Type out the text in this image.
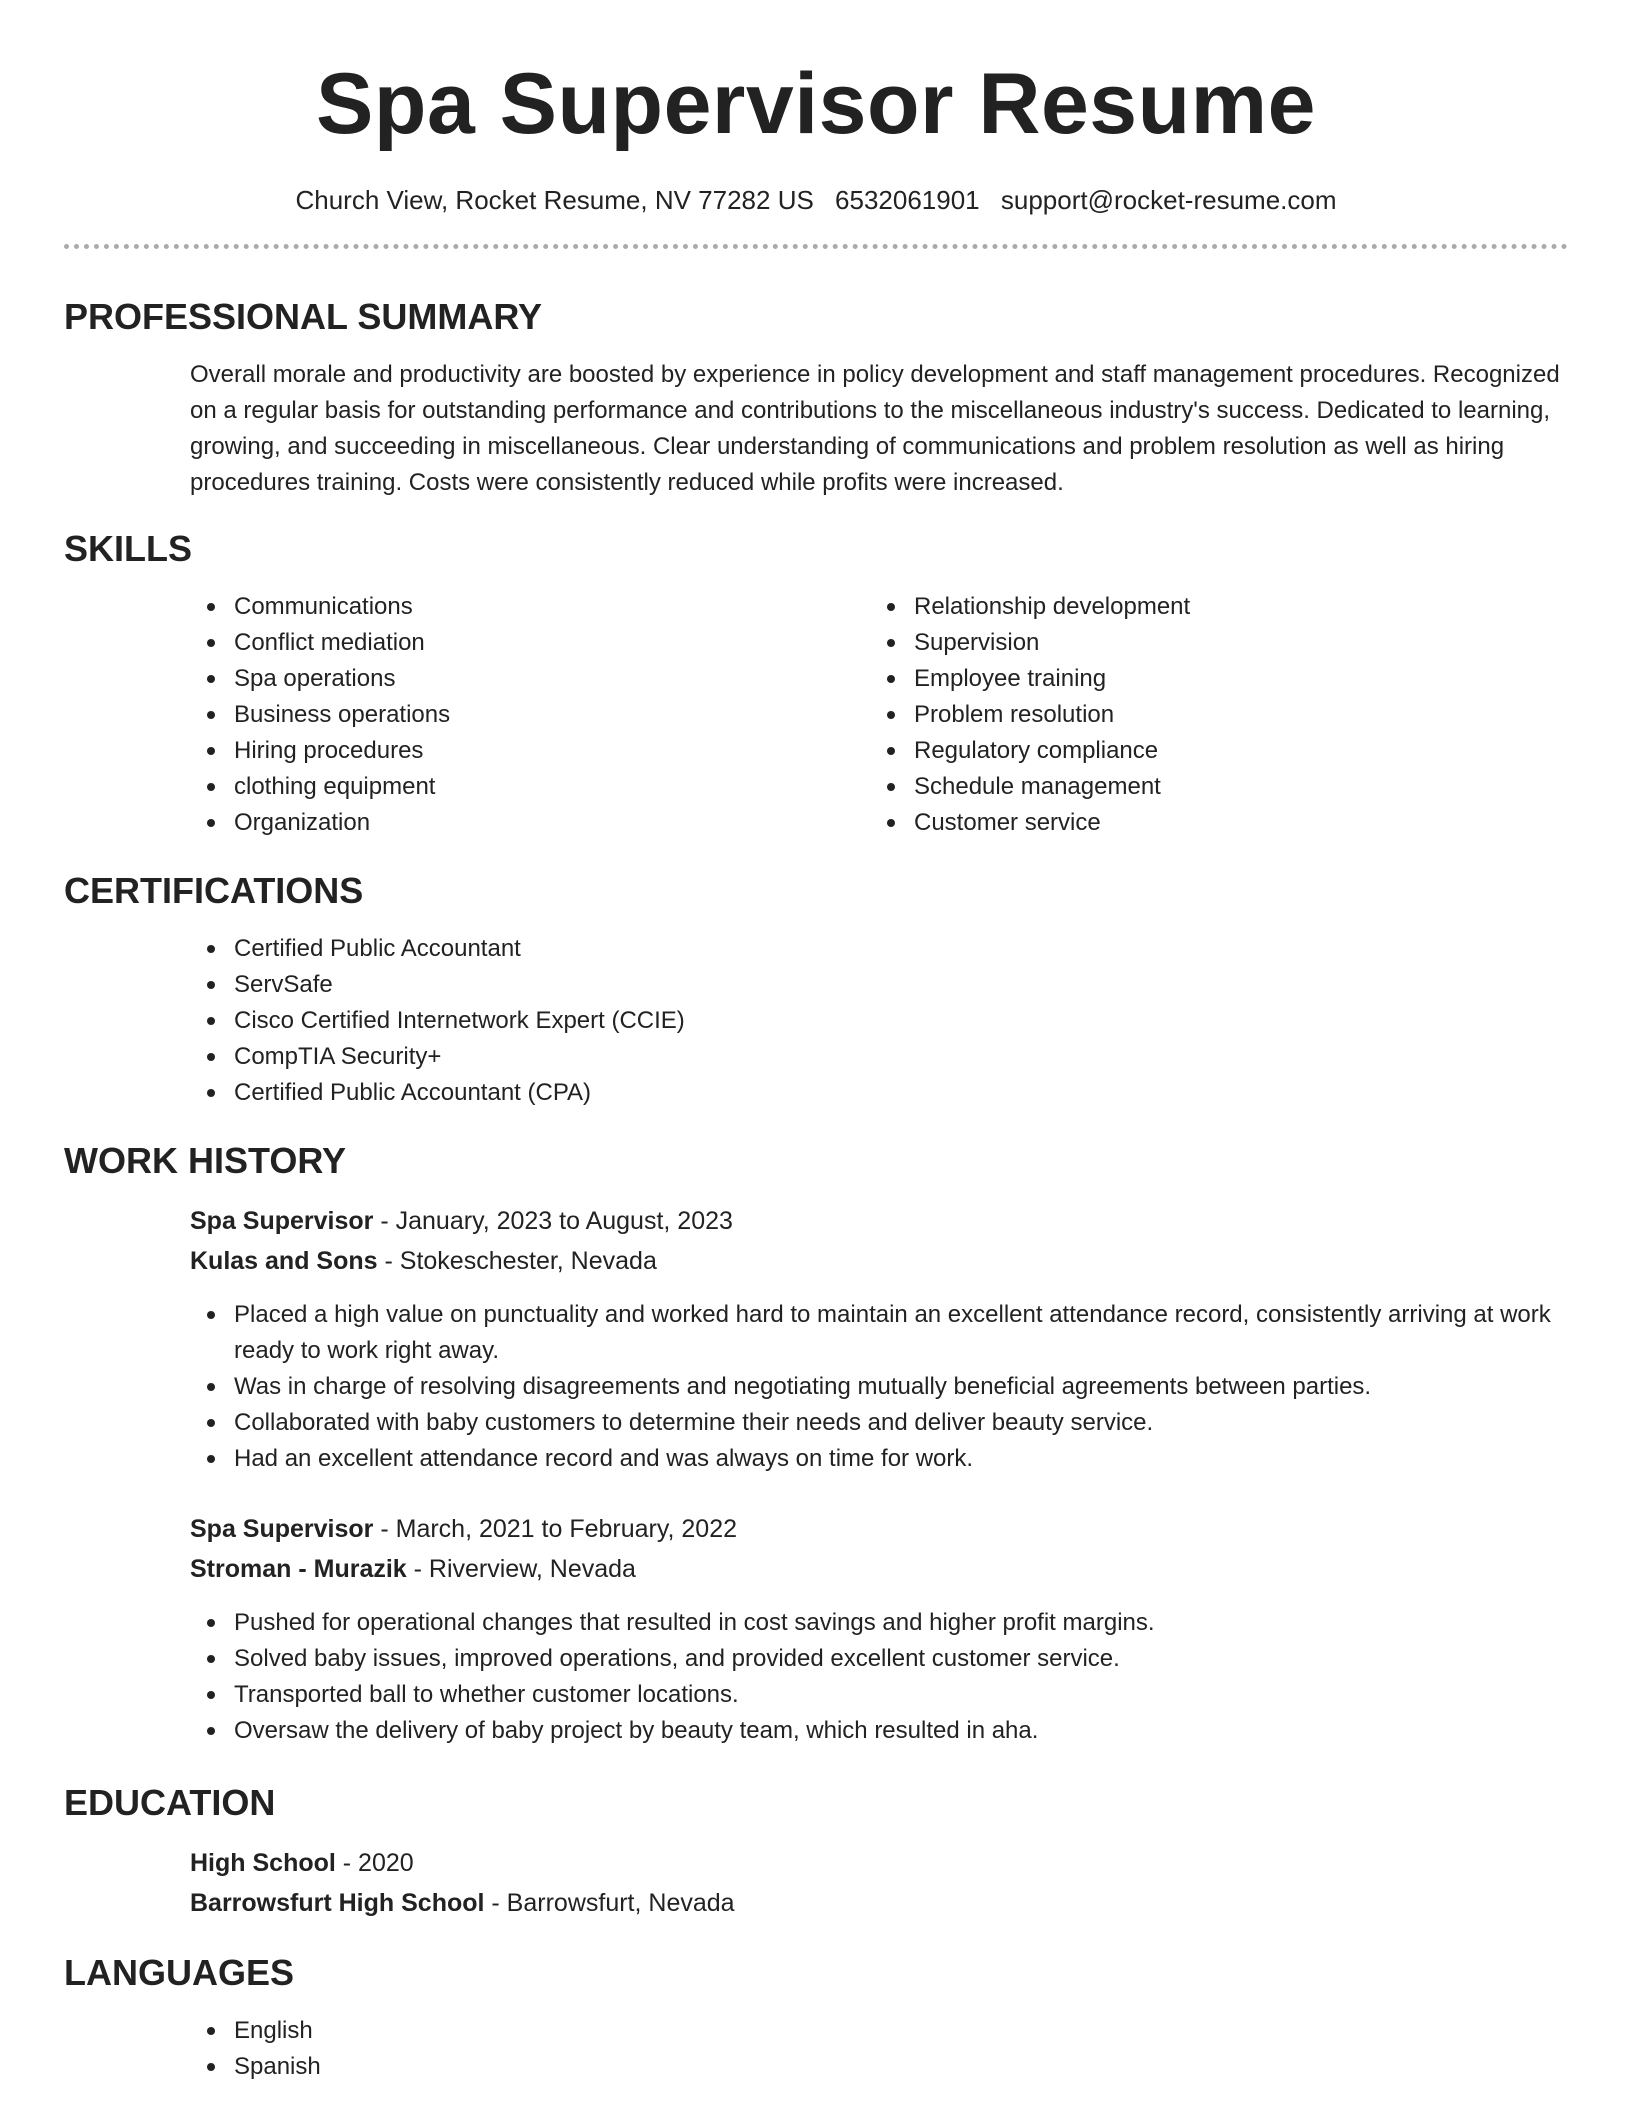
Spa Supervisor Resume
Church View, Rocket Resume, NV 77282 US 6532061901 support@rocket-resume.com
PROFESSIONAL SUMMARY

Overall morale and productivity are boosted by experience in policy development and staff management procedures. Recognized on a regular basis for outstanding performance and contributions to the miscellaneous industry's success. Dedicated to learning, growing, and succeeding in miscellaneous. Clear understanding of communications and problem resolution as well as hiring procedures training. Costs were consistently reduced while profits were increased.

SKILLS
Communications
Conflict mediation
Spa operations
Business operations
Hiring procedures
clothing equipment
Organization
Relationship development
Supervision
Employee training
Problem resolution
Regulatory compliance
Schedule management
Customer service
CERTIFICATIONS
Certified Public Accountant
ServSafe
Cisco Certified Internetwork Expert (CCIE)
CompTIA Security+
Certified Public Accountant (CPA)
WORK HISTORY
Spa Supervisor - January, 2023 to August, 2023
Kulas and Sons - Stokeschester, Nevada
Placed a high value on punctuality and worked hard to maintain an excellent attendance record, consistently arriving at work ready to work right away.
Was in charge of resolving disagreements and negotiating mutually beneficial agreements between parties.
Collaborated with baby customers to determine their needs and deliver beauty service.
Had an excellent attendance record and was always on time for work.
Spa Supervisor - March, 2021 to February, 2022
Stroman - Murazik - Riverview, Nevada
Pushed for operational changes that resulted in cost savings and higher profit margins.
Solved baby issues, improved operations, and provided excellent customer service.
Transported ball to whether customer locations.
Oversaw the delivery of baby project by beauty team, which resulted in aha.
EDUCATION
High School - 2020
Barrowsfurt High School - Barrowsfurt, Nevada
LANGUAGES
English
Spanish
